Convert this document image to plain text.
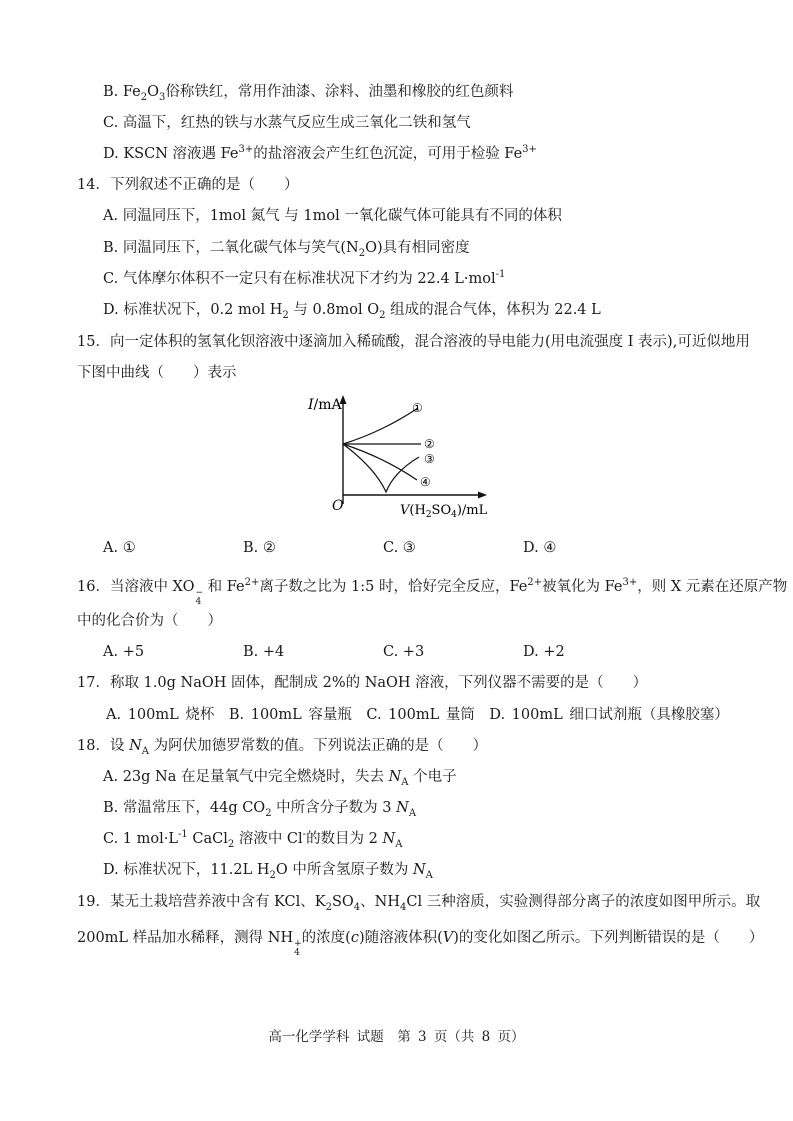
B. $Fe_2O_3$俗称铁红，常用作油漆、涂料、油墨和橡胶的红色颜料
C. 高温下，红热的铁与水蒸气反应生成三氧化二铁和氢气
D. KSCN 溶液遇 $Fe^{3+}$的盐溶液会产生红色沉淀，可用于检验 $Fe^{3+}$
14．下列叙述不正确的是（　　）
A. 同温同压下，1mol 氮气 与 1mol 一氧化碳气体可能具有不同的体积
B. 同温同压下，二氧化碳气体与笑气$(N_2O)$具有相同密度
C. 气体摩尔体积不一定只有在标准状况下才约为 22.4 L·mol$^{-1}$
D. 标准状况下，0.2 mol $H_2$ 与 0.8mol $O_2$ 组成的混合气体，体积为 22.4 L
15．向一定体积的氢氧化钡溶液中逐滴加入稀硫酸，混合溶液的导电能力(用电流强度 I 表示),可近似地用
下图中曲线（　　）表示
I/mA
O	$V(H_2SO_4)/mL$
①
②
③
④
A. ①	B. ②	C. ③	D. ④
16．当溶液中 XO −
4
和 $Fe^{2+}$离子数之比为 1:5 时，恰好完全反应，$Fe^{2+}$被氧化为 $Fe^{3+}$，则 X 元素在还原产物
中的化合价为（　　）
A. +5	B. +4	C. +3	D. +2
17．称取 1.0g NaOH 固体，配制成 2%的 NaOH 溶液，下列仪器不需要的是（　　）
A. 100mL 烧杯　B. 100mL 容量瓶　C. 100mL 量筒　D. 100mL 细口试剂瓶（具橡胶塞）
18．设 $N_A$ 为阿伏加德罗常数的值。下列说法正确的是（　　）
A. 23g Na 在足量氧气中完全燃烧时，失去 $N_A$ 个电子
B. 常温常压下，44g $CO_2$ 中所含分子数为 3 $N_A$
C. 1 $mol\cdot L^{-1}$ CaCl$_2$ 溶液中 Cl-的数目为 2 $N_A$
D. 标准状况下，11.2L $H_2O$ 中所含氢原子数为 $N_A$
19．某无土栽培营养液中含有 KCl、$K_2SO_4$、$NH_4Cl$ 三种溶质，实验测得部分离子的浓度如图甲所示。取
200mL 样品加水稀释，测得 NH +
4
的浓度(c)随溶液体积(V)的变化如图乙所示。下列判断错误的是（　　）
高一化学学科 试题　第 3 页（共 8 页）
